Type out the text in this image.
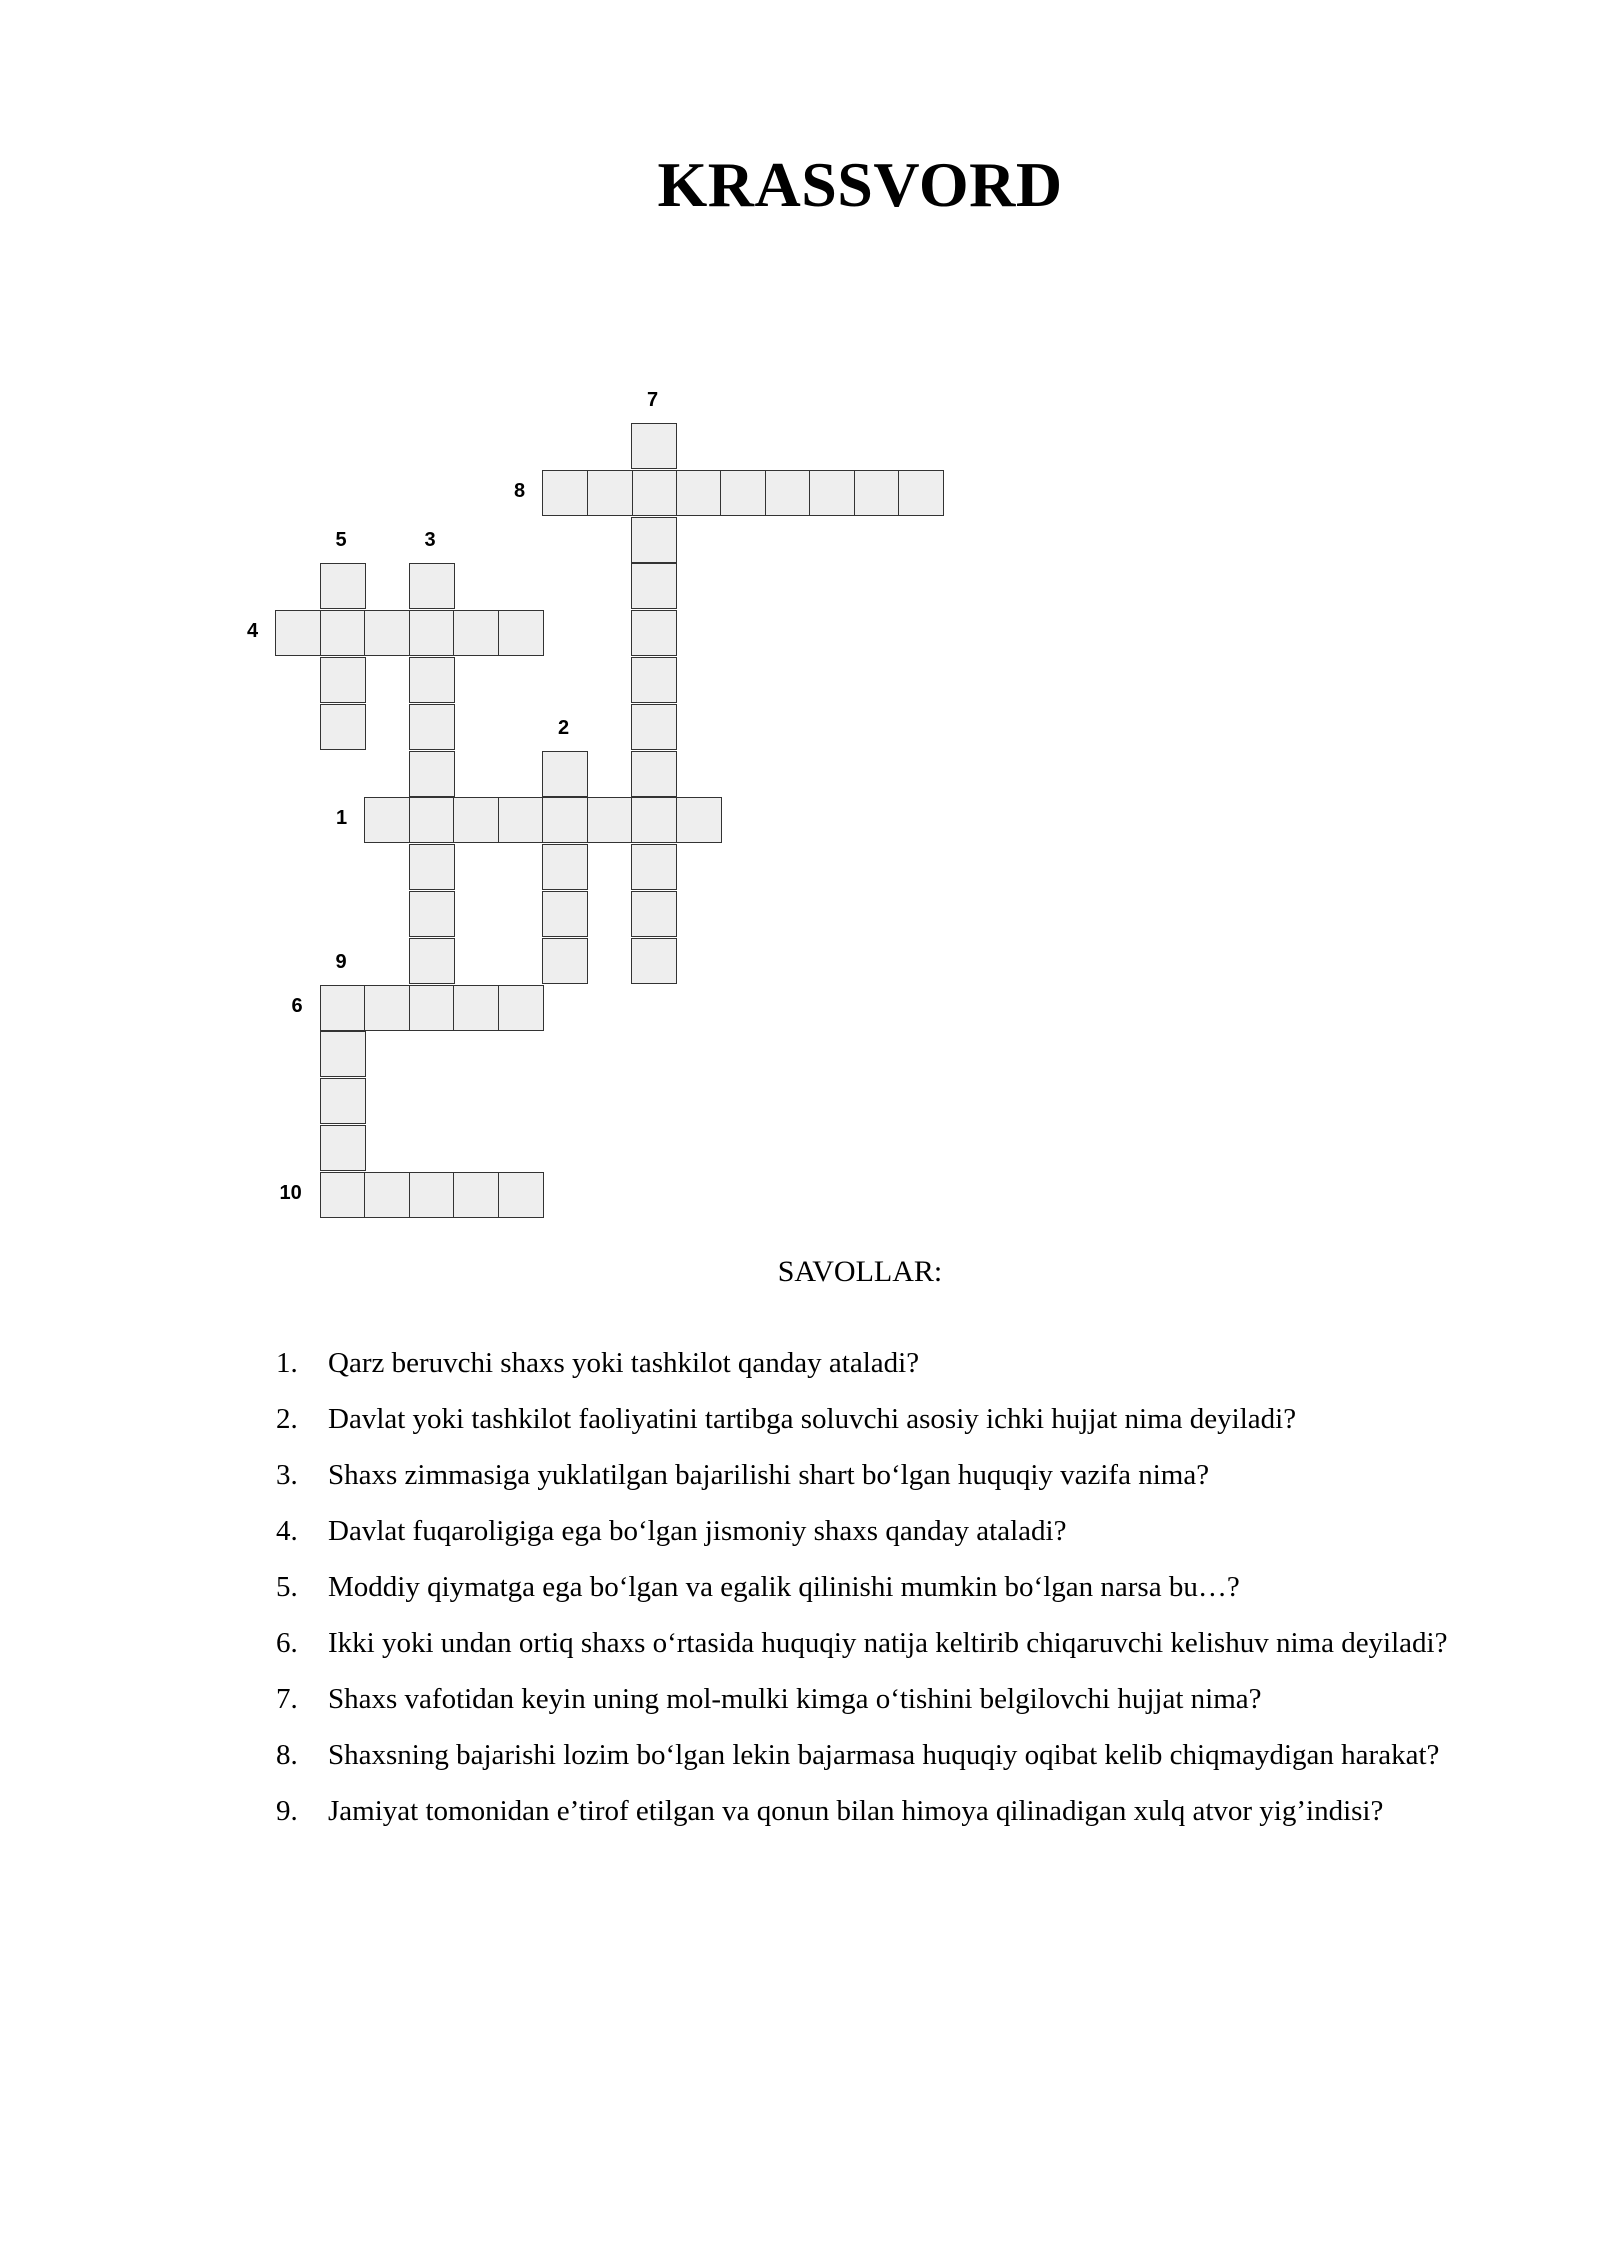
KRASSVORD
1
2
3
4
5
6
7
8
9
10
SAVOLLAR:
1. Qarz beruvchi shaxs yoki tashkilot qanday ataladi?
2. Davlat yoki tashkilot faoliyatini tartibga soluvchi asosiy ichki hujjat nima deyiladi?
3. Shaxs zimmasiga yuklatilgan bajarilishi shart bo‘lgan huquqiy vazifa nima?
4. Davlat fuqaroligiga ega bo‘lgan jismoniy shaxs qanday ataladi?
5. Moddiy qiymatga ega bo‘lgan va egalik qilinishi mumkin bo‘lgan narsa bu…?
6. Ikki yoki undan ortiq shaxs o‘rtasida huquqiy natija keltirib chiqaruvchi kelishuv nima deyiladi?
7. Shaxs vafotidan keyin uning mol-mulki kimga o‘tishini belgilovchi hujjat nima?
8. Shaxsning bajarishi lozim bo‘lgan lekin bajarmasa huquqiy oqibat kelib chiqmaydigan harakat?
9. Jamiyat tomonidan e’tirof etilgan va qonun bilan himoya qilinadigan xulq atvor yig’indisi?
